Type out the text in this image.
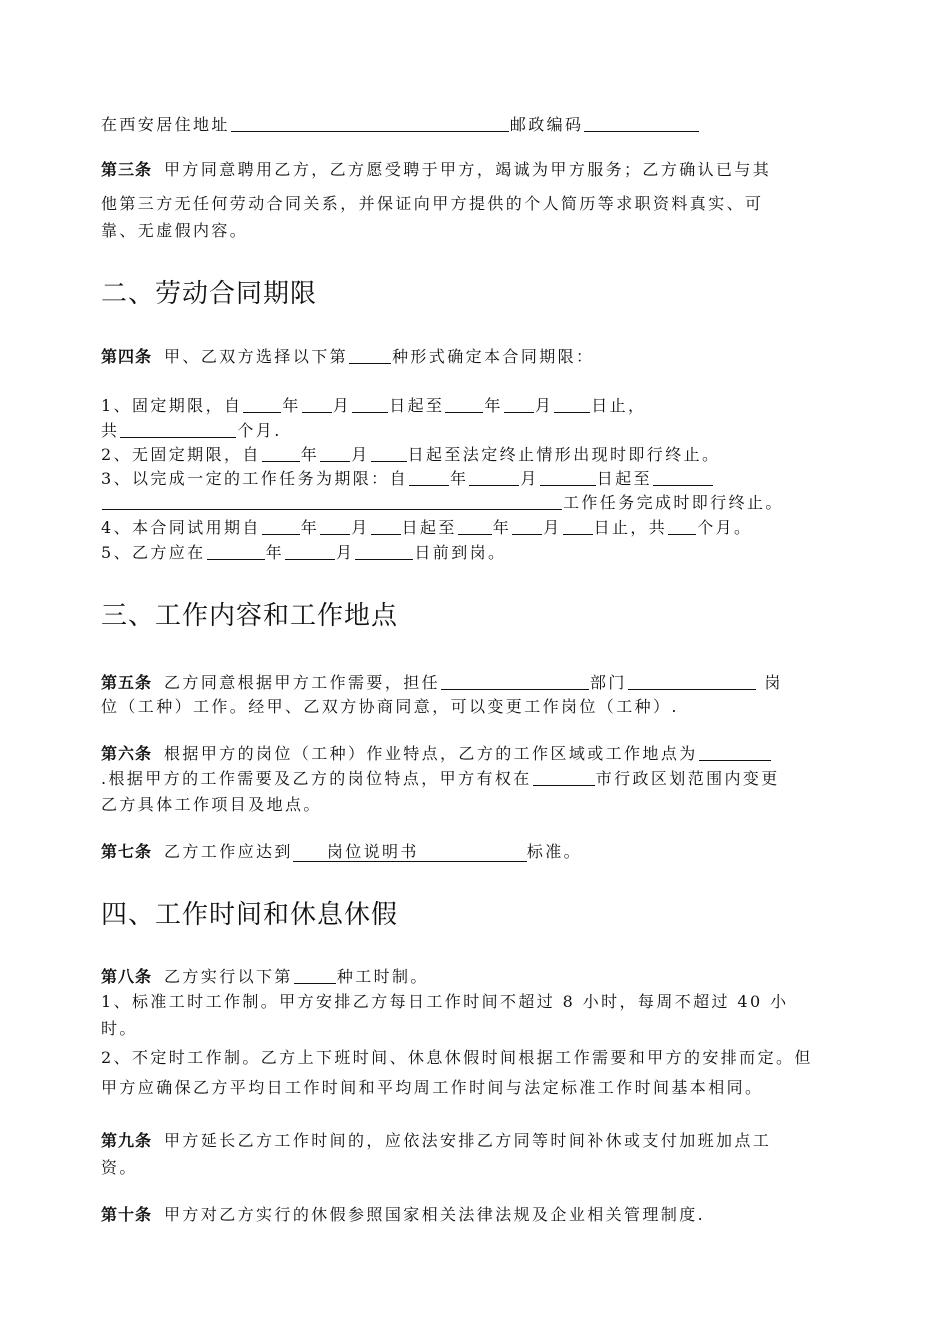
在西安居住地址	邮政编码
第三条 甲方同意聘用乙方，乙方愿受聘于甲方，竭诚为甲方服务；乙方确认已与其
他第三方无任何劳动合同关系，并保证向甲方提供的个人简历等求职资料真实、可
靠、无虚假内容。
二、劳动合同期限
第四条 甲、乙双方选择以下第	种形式确定本合同期限：
1、固定期限，自	年 月 日起至	年 月 日止，
共	个月.
2、无固定期限，自	年 月 日起至法定终止情形出现时即行终止。
3、以完成一定的工作任务为期限：自	年	月	日起至
工作任务完成时即行终止。
4、本合同试用期自	年 月 日起至 年 月 日止，共 个月。
5、乙方应在	年	月	日前到岗。
三、工作内容和工作地点
第五条 乙方同意根据甲方工作需要，担任	部门	岗
位（工种）工作。经甲、乙双方协商同意，可以变更工作岗位（工种）.
第六条 根据甲方的岗位（工种）作业特点，乙方的工作区域或工作地点为
.根据甲方的工作需要及乙方的岗位特点，甲方有权在	市行政区划范围内变更
乙方具体工作项目及地点。
第七条 乙方工作应达到 岗位说明书	标准。
四、工作时间和休息休假
第八条 乙方实行以下第	种工时制。
1、标准工时工作制。甲方安排乙方每日工作时间不超过 8 小时，每周不超过 40 小
时。
2、不定时工作制。乙方上下班时间、休息休假时间根据工作需要和甲方的安排而定。但
甲方应确保乙方平均日工作时间和平均周工作时间与法定标准工作时间基本相同。
第九条 甲方延长乙方工作时间的，应依法安排乙方同等时间补休或支付加班加点工
资。
第十条 甲方对乙方实行的休假参照国家相关法律法规及企业相关管理制度.
